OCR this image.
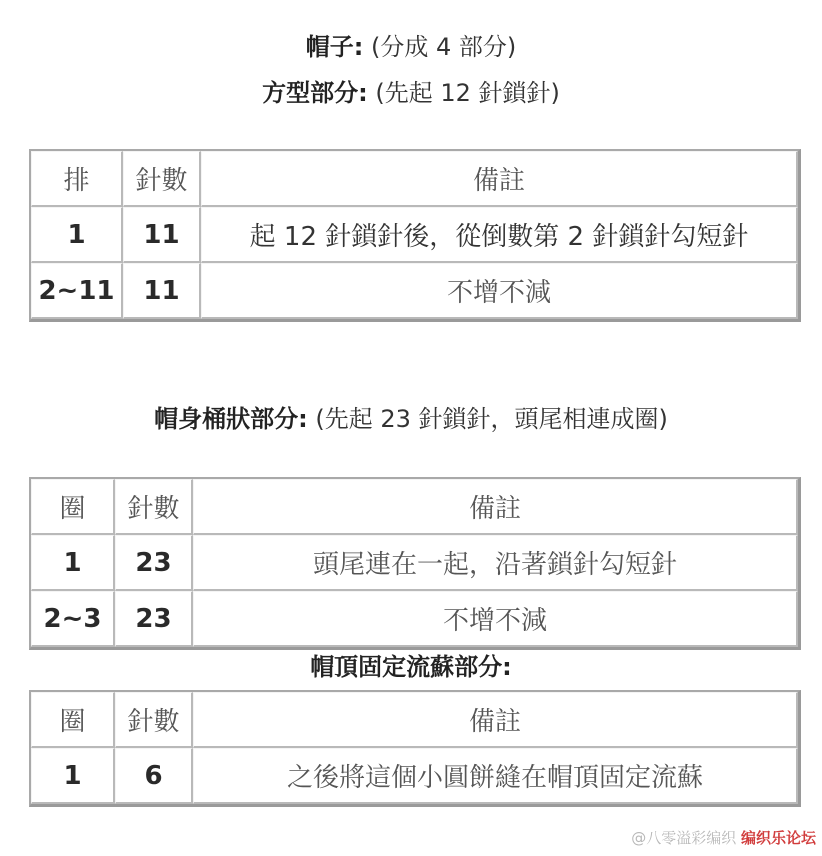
帽子: (分成 4 部分)
方型部分: (先起 12 針鎖針)
排	針數	備註
1	11	起 12 針鎖針後，從倒數第 2 針鎖針勾短針
2~11	11	不增不減
帽身桶狀部分: (先起 23 針鎖針，頭尾相連成圈)
圈	針數	備註
1	23	頭尾連在一起，沿著鎖針勾短針
2~3	23	不增不減
帽頂固定流蘇部分:
圈	針數	備註
1	6	之後將這個小圓餅縫在帽頂固定流蘇
@八零溢彩编织 编织乐论坛
